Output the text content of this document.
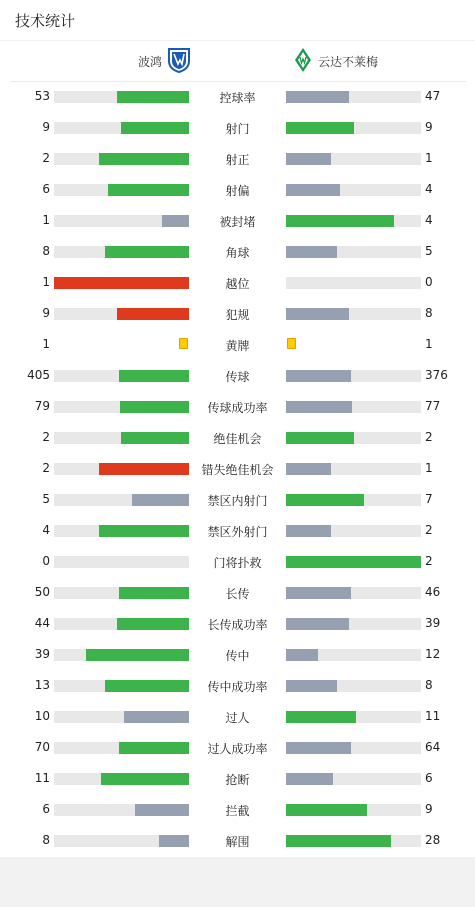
技术统计
波鸿	云达不莱梅
53	控球率	47
9	射门	9
2	射正	1
6	射偏	4
1	被封堵	4
8	角球	5
1	越位	0
9	犯规	8
1	黄牌	1
405	传球	376
79	传球成功率	77
2	绝佳机会	2
2	错失绝佳机会	1
5	禁区内射门	7
4	禁区外射门	2
0	门将扑救	2
50	长传	46
44	长传成功率	39
39	传中	12
13	传中成功率	8
10	过人	11
70	过人成功率	64
11	抢断	6
6	拦截	9
8	解围	28
